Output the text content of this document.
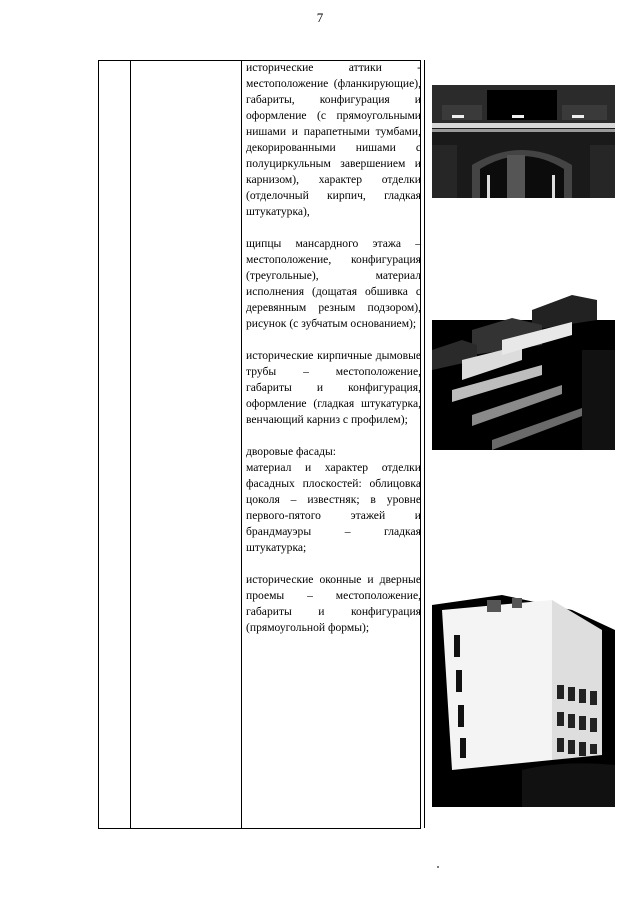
7

исторические аттики - местоположение (фланкирующие), габариты, конфигурация и оформление (с прямоугольными нишами и парапетными тумбами, декорированными нишами с полуциркульным завершением и карнизом), характер отделки (отделочный кирпич, гладкая штукатурка),

щипцы мансардного этажа – местоположение, конфигурация (треугольные), материал исполнения (дощатая обшивка с деревянным резным подзором), рисунок (с зубчатым основанием);

исторические кирпичные дымовые трубы – местоположение, габариты и конфигурация, оформление (гладкая штукатурка, венчающий карниз с профилем);

дворовые фасады:
материал и характер отделки фасадных плоскостей: облицовка цоколя – известняк; в уровне первого-пятого этажей и брандмауэры – гладкая штукатурка;

исторические оконные и дверные проемы – местоположение, габариты и конфигурация (прямоугольной формы);
